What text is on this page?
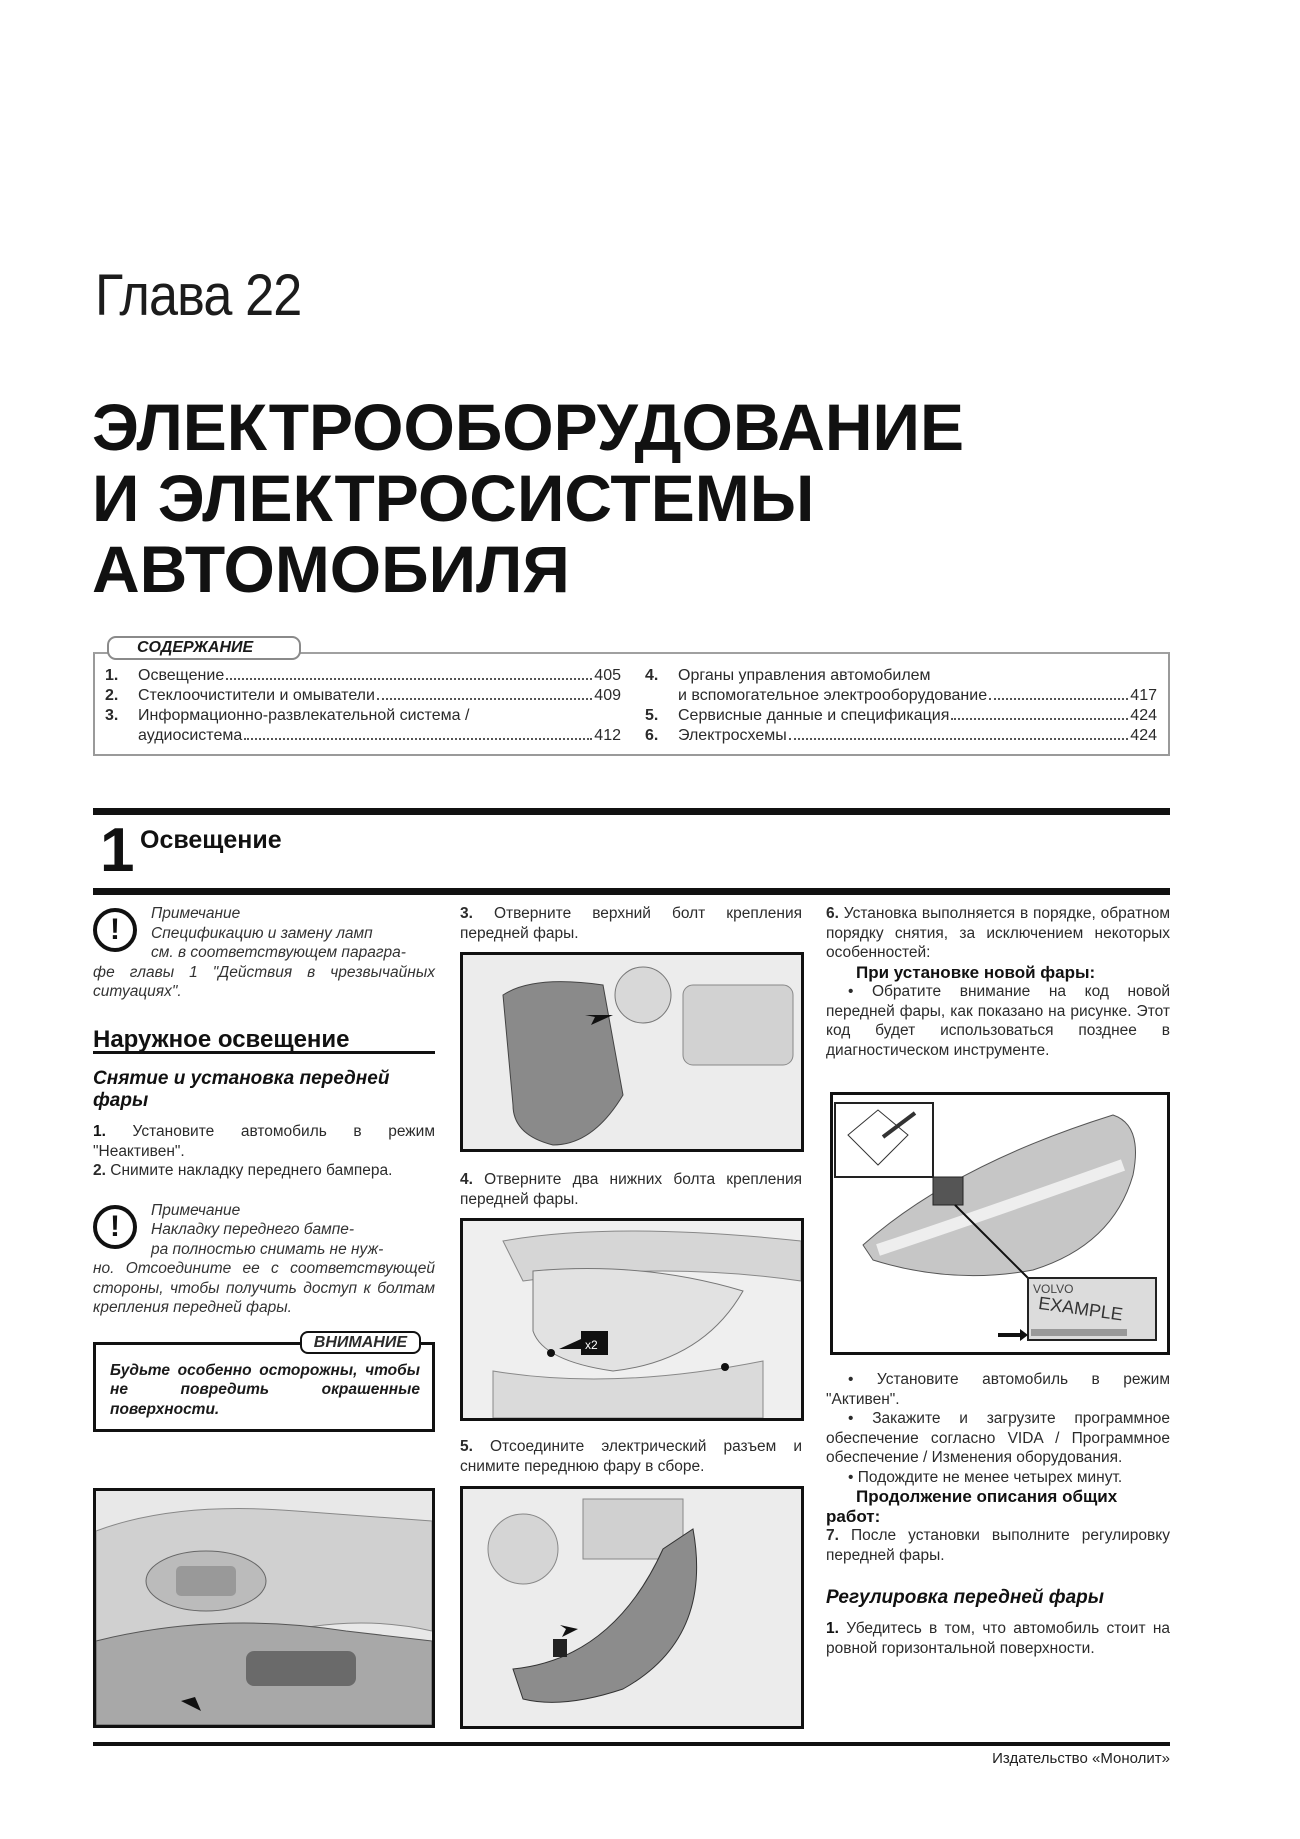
Глава 22
ЭЛЕКТРООБОРУДОВАНИЕ
И ЭЛЕКТРОСИСТЕМЫ
АВТОМОБИЛЯ
СОДЕРЖАНИЕ
1.	Освещение	405
2.	Стеклоочистители и омыватели	409
3.	Информационно-развлекательной система /
аудиосистема	412
4.	Органы управления автомобилем
и вспомогательное электрооборудование	417
5.	Сервисные данные и спецификация	424
6.	Электросхемы	424
1 Освещение
!	Примечание
Спецификацию и замену ламп
см. в соответствующем парагра-
фе главы 1 "Действия в чрезвычайных ситуациях".
Наружное освещение
Снятие и установка передней фары
1. Установите автомобиль в режим "Неактивен".
2. Снимите накладку переднего бампера.
!	Примечание
Накладку переднего бампе-
ра полностью снимать не нуж-
но. Отсоедините ее с соответствующей стороны, чтобы получить доступ к болтам крепления передней фары.
Будьте особенно осторожны, чтобы не повредить окрашенные поверхности.
ВНИМАНИЕ
3. Отверните верхний болт крепления передней фары.
4. Отверните два нижних болта крепления передней фары.
x2
5. Отсоедините электрический разъем и снимите переднюю фару в сборе.
6. Установка выполняется в порядке, обратном порядку снятия, за исключением некоторых особенностей:
При установке новой фары:
• Обратите внимание на код новой передней фары, как показано на рисунке. Этот код будет использоваться позднее в диагностическом инструменте.
VOLVO
EXAMPLE
• Установите автомобиль в режим "Активен".
• Закажите и загрузите программное обеспечение согласно VIDA / Программное обеспечение / Изменения оборудования.
• Подождите не менее четырех минут.
Продолжение описания общих работ:
7. После установки выполните регулировку передней фары.
Регулировка передней фары
1. Убедитесь в том, что автомобиль стоит на ровной горизонтальной поверхности.
Издательство «Монолит»
